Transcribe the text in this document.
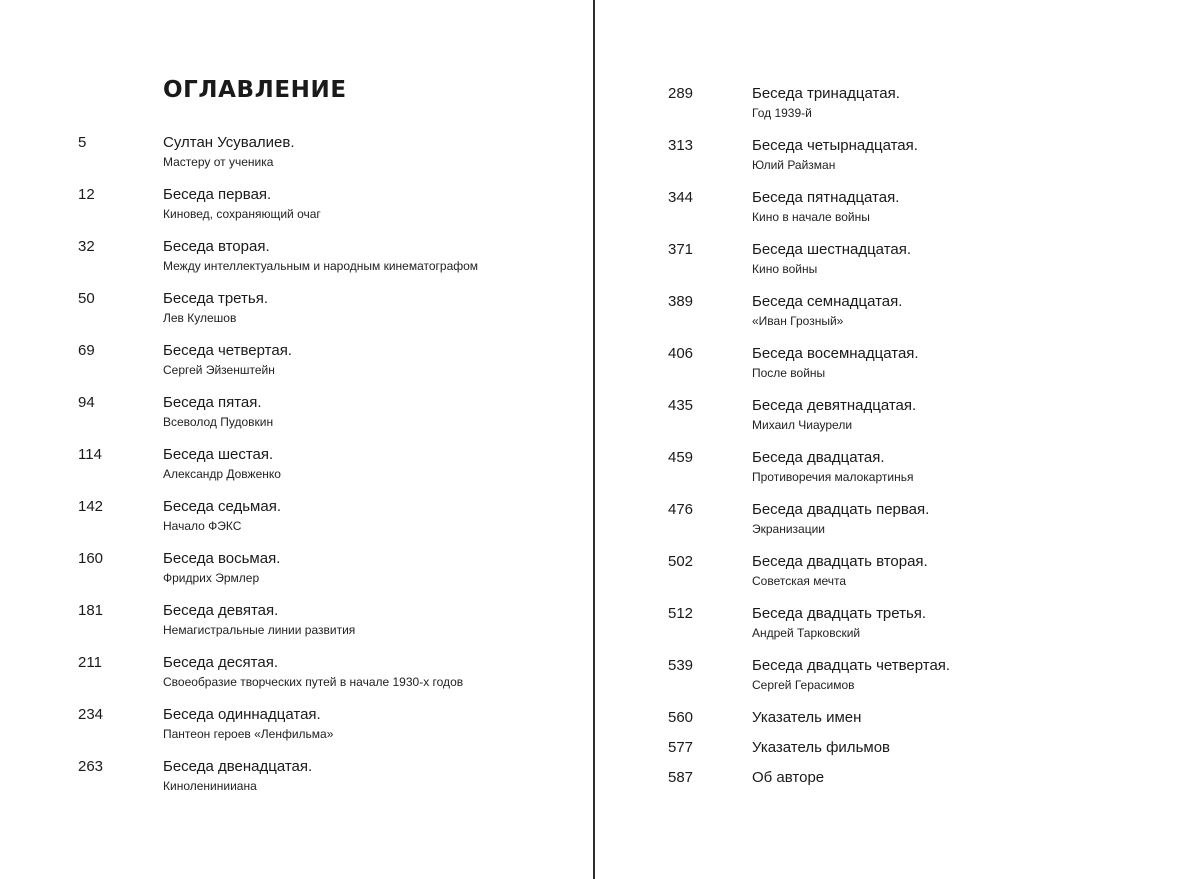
ОГЛАВЛЕНИЕ
5	Султан Усувалиев.
Мастеру от ученика
12	Беседа первая.
Киновед, сохраняющий очаг
32	Беседа вторая.
Между интеллектуальным и народным кинематографом
50	Беседа третья.
Лев Кулешов
69	Беседа четвертая.
Сергей Эйзенштейн
94	Беседа пятая.
Всеволод Пудовкин
114	Беседа шестая.
Александр Довженко
142	Беседа седьмая.
Начало ФЭКС
160	Беседа восьмая.
Фридрих Эрмлер
181	Беседа девятая.
Немагистральные линии развития
211	Беседа десятая.
Своеобразие творческих путей в начале 1930-х годов
234	Беседа одиннадцатая.
Пантеон героев «Ленфильма»
263	Беседа двенадцатая.
Киноленинииана
289	Беседа тринадцатая.
Год 1939-й
313	Беседа четырнадцатая.
Юлий Райзман
344	Беседа пятнадцатая.
Кино в начале войны
371	Беседа шестнадцатая.
Кино войны
389	Беседа семнадцатая.
«Иван Грозный»
406	Беседа восемнадцатая.
После войны
435	Беседа девятнадцатая.
Михаил Чиаурели
459	Беседа двадцатая.
Противоречия малокартинья
476	Беседа двадцать первая.
Экранизации
502	Беседа двадцать вторая.
Советская мечта
512	Беседа двадцать третья.
Андрей Тарковский
539	Беседа двадцать четвертая.
Сергей Герасимов
560	Указатель имен
577	Указатель фильмов
587	Об авторе
